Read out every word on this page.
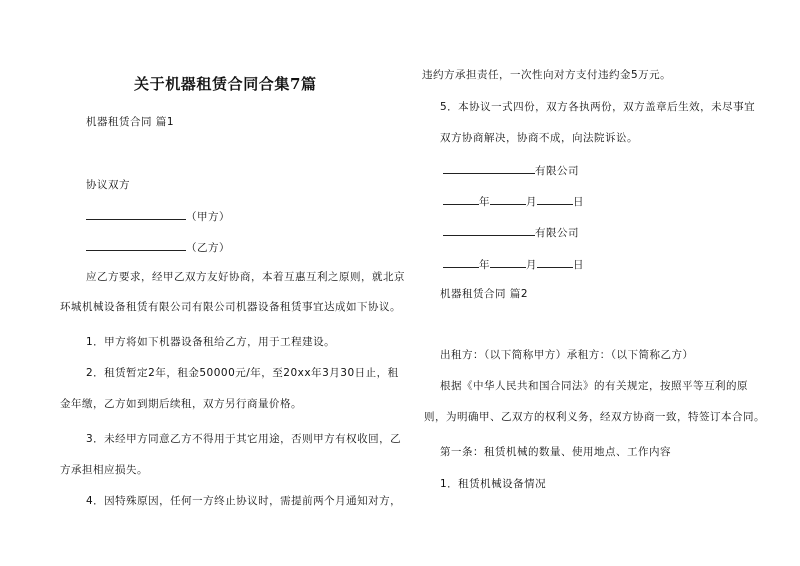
关于机器租赁合同合集7篇
机器租赁合同 篇1
协议双方
（甲方）
（乙方）
应乙方要求，经甲乙双方友好协商，本着互惠互利之原则，就北京
环城机械设备租赁有限公司有限公司机器设备租赁事宜达成如下协议。
1．甲方将如下机器设备租给乙方，用于工程建设。
2．租赁暂定2年，租金50000元/年，至20xx年3月30日止，租
金年缴，乙方如到期后续租，双方另行商量价格。
3．未经甲方同意乙方不得用于其它用途，否则甲方有权收回，乙
方承担相应损失。
4．因特殊原因，任何一方终止协议时，需提前两个月通知对方，
违约方承担责任，一次性向对方支付违约金5万元。
5．本协议一式四份，双方各执两份，双方盖章后生效，未尽事宜
双方协商解决，协商不成，向法院诉讼。
有限公司
年	月	日
有限公司
年	月	日
机器租赁合同 篇2
出租方：（以下简称甲方）承租方：（以下简称乙方）
根据《中华人民共和国合同法》的有关规定，按照平等互利的原
则，为明确甲、乙双方的权利义务，经双方协商一致，特签订本合同。
第一条：租赁机械的数量、使用地点、工作内容
1．租赁机械设备情况
